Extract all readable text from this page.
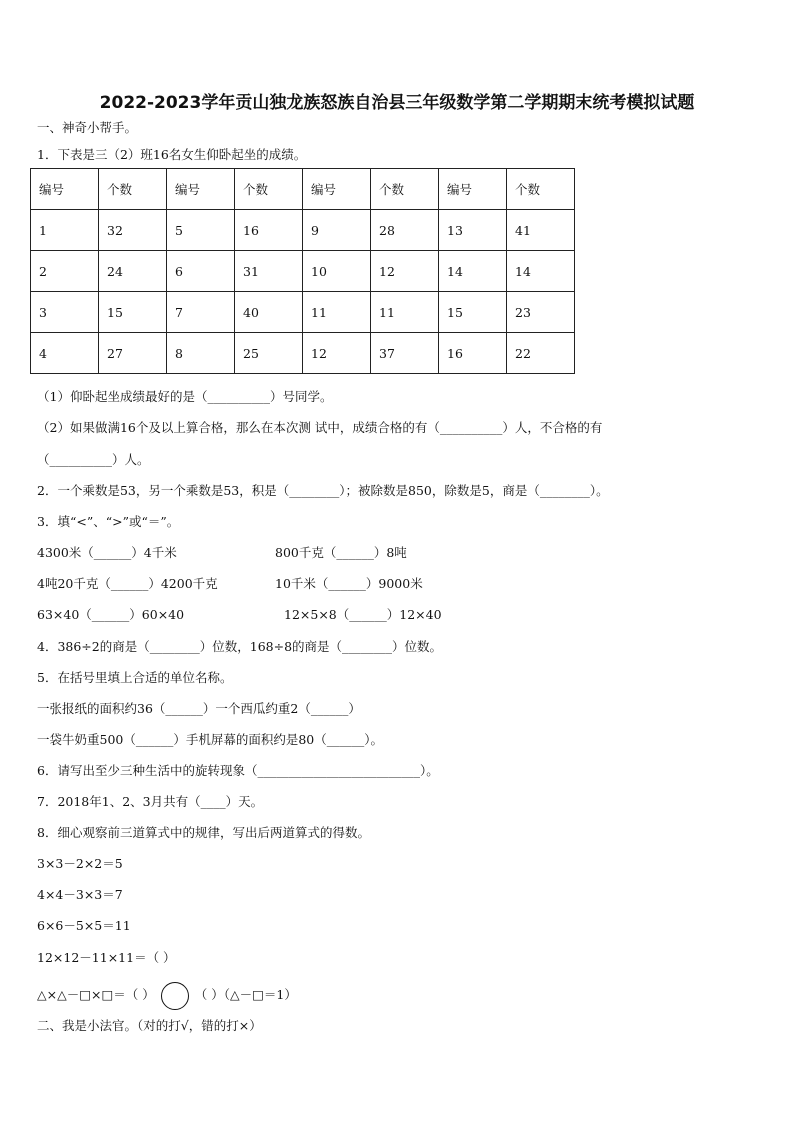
2022-2023学年贡山独龙族怒族自治县三年级数学第二学期期末统考模拟试题
一、神奇小帮手。
1．下表是三（2）班16名女生仰卧起坐的成绩。
编号	个数	编号	个数	编号	个数	编号	个数
1	32	5	16	9	28	13	41
2	24	6	31	10	12	14	14
3	15	7	40	11	11	15	23
4	27	8	25	12	37	16	22
（1）仰卧起坐成绩最好的是（__________）号同学。
（2）如果做满16个及以上算合格，那么在本次测 试中，成绩合格的有（__________）人，不合格的有
（__________）人。
2．一个乘数是53，另一个乘数是53，积是（________）；被除数是850，除数是5，商是（________）。
3．填“<”、“>”或“＝”。
4300米（______）4千米	800千克（______）8吨
4吨20千克（______）4200千克	10千米（______）9000米
63×40（______）60×40	12×5×8（______）12×40
4．386÷2的商是（________）位数，168÷8的商是（________）位数。
5．在括号里填上合适的单位名称。
一张报纸的面积约36（______）一个西瓜约重2（______）
一袋牛奶重500（______）手机屏幕的面积约是80（______）。
6．请写出至少三种生活中的旋转现象（__________________________）。
7．2018年1、2、3月共有（____）天。
8．细心观察前三道算式中的规律，写出后两道算式的得数。
3×3－2×2＝5
4×4－3×3＝7
6×6－5×5＝11
12×12－11×11＝（ ）
△×△－□×□＝（ ）	（ ）（△－□＝1）
二、我是小法官。（对的打√，错的打×）
